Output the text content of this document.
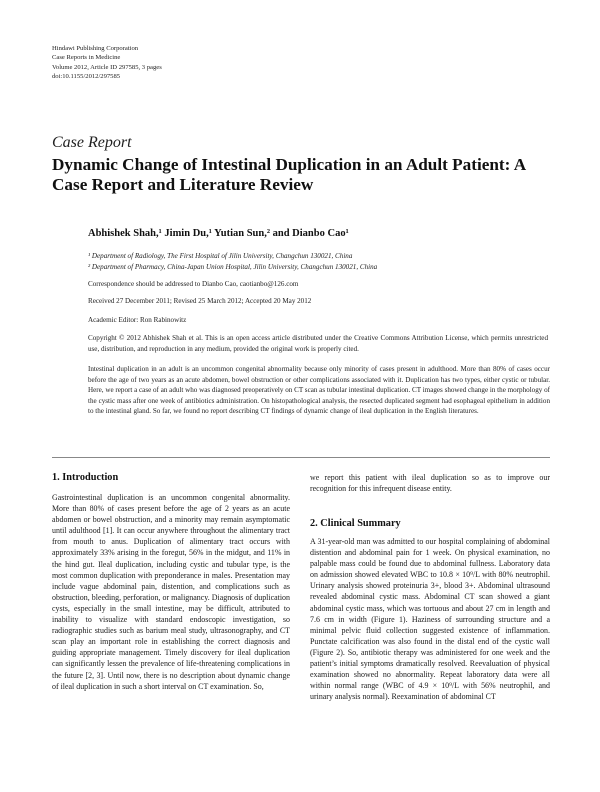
Hindawi Publishing Corporation
Case Reports in Medicine
Volume 2012, Article ID 297585, 3 pages
doi:10.1155/2012/297585
Case Report
Dynamic Change of Intestinal Duplication in an Adult Patient: A Case Report and Literature Review
Abhishek Shah,¹ Jimin Du,¹ Yutian Sun,² and Dianbo Cao¹
¹ Department of Radiology, The First Hospital of Jilin University, Changchun 130021, China
² Department of Pharmacy, China-Japan Union Hospital, Jilin University, Changchun 130021, China
Correspondence should be addressed to Dianbo Cao, caotianbo@126.com
Received 27 December 2011; Revised 25 March 2012; Accepted 20 May 2012
Academic Editor: Ron Rabinowitz
Copyright © 2012 Abhishek Shah et al. This is an open access article distributed under the Creative Commons Attribution License, which permits unrestricted use, distribution, and reproduction in any medium, provided the original work is properly cited.
Intestinal duplication in an adult is an uncommon congenital abnormality because only minority of cases present in adulthood. More than 80% of cases occur before the age of two years as an acute abdomen, bowel obstruction or other complications associated with it. Duplication has two types, either cystic or tubular. Here, we report a case of an adult who was diagnosed preoperatively on CT scan as tubular intestinal duplication. CT images showed change in the morphology of the cystic mass after one week of antibiotics administration. On histopathological analysis, the resected duplicated segment had esophageal epithelium in addition to the intestinal gland. So far, we found no report describing CT findings of dynamic change of ileal duplication in the English literatures.
1. Introduction
Gastrointestinal duplication is an uncommon congenital abnormality. More than 80% of cases present before the age of 2 years as an acute abdomen or bowel obstruction, and a minority may remain asymptomatic until adulthood [1]. It can occur anywhere throughout the alimentary tract from mouth to anus. Duplication of alimentary tract occurs with approximately 33% arising in the foregut, 56% in the midgut, and 11% in the hind gut. Ileal duplication, including cystic and tubular type, is the most common duplication with preponderance in males. Presentation may include vague abdominal pain, distention, and complications such as obstruction, bleeding, perforation, or malignancy. Diagnosis of duplication cysts, especially in the small intestine, may be difficult, attributed to inability to visualize with standard endoscopic investigation, so radiographic studies such as barium meal study, ultrasonography, and CT scan play an important role in establishing the correct diagnosis and guiding appropriate management. Timely discovery for ileal duplication can significantly lessen the prevalence of life-threatening complications in the future [2, 3]. Until now, there is no description about dynamic change of ileal duplication in such a short interval on CT examination. So,
we report this patient with ileal duplication so as to improve our recognition for this infrequent disease entity.
2. Clinical Summary
A 31-year-old man was admitted to our hospital complaining of abdominal distention and abdominal pain for 1 week. On physical examination, no palpable mass could be found due to abdominal fullness. Laboratory data on admission showed elevated WBC to 10.8 × 10⁹/L with 80% neutrophil. Urinary analysis showed proteinuria 3+, blood 3+. Abdominal ultrasound revealed abdominal cystic mass. Abdominal CT scan showed a giant abdominal cystic mass, which was tortuous and about 27 cm in length and 7.6 cm in width (Figure 1). Haziness of surrounding structure and a minimal pelvic fluid collection suggested existence of inflammation. Punctate calcification was also found in the distal end of the cystic wall (Figure 2). So, antibiotic therapy was administered for one week and the patient’s initial symptoms dramatically resolved. Reevaluation of physical examination showed no abnormality. Repeat laboratory data were all within normal range (WBC of 4.9 × 10⁹/L with 56% neutrophil, and urinary analysis normal). Reexamination of abdominal CT
